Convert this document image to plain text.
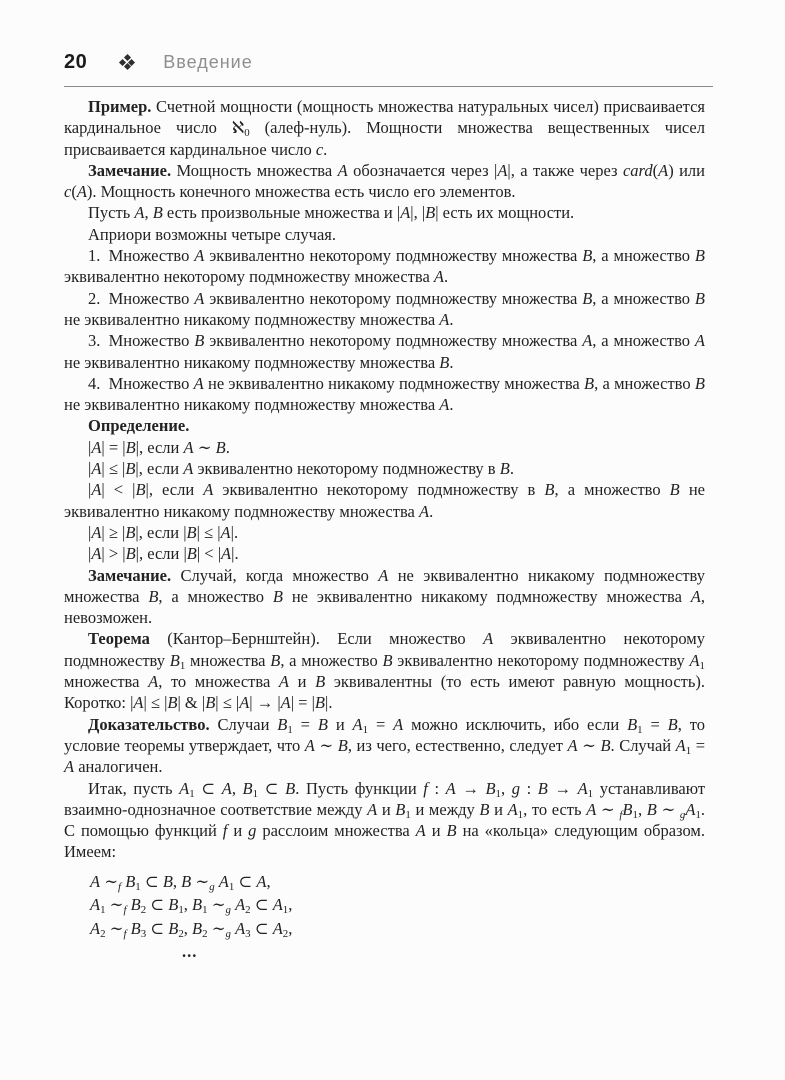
20	Введение

Пример. Счетной мощности (мощность множества натуральных чисел) присваивается кардинальное число ℵ0 (алеф-нуль). Мощности множества вещественных чисел присваивается кардинальное число c.

Замечание. Мощность множества A обозначается через |A|, а также через card(A) или c(A). Мощность конечного множества есть число его элементов.

Пусть A, B есть произвольные множества и |A|, |B| есть их мощности.

Априори возможны четыре случая.

1. Множество A эквивалентно некоторому подмножеству множества B, а множество B эквивалентно некоторому подмножеству множества A.

2. Множество A эквивалентно некоторому подмножеству множества B, а множество B не эквивалентно никакому подмножеству множества A.

3. Множество B эквивалентно некоторому подмножеству множества A, а множество A не эквивалентно никакому подмножеству множества B.

4. Множество A не эквивалентно никакому подмножеству множества B, а множество B не эквивалентно никакому подмножеству множества A.

Определение.

|A| = |B|, если A ∼ B.

|A| ≤ |B|, если A эквивалентно некоторому подмножеству в B.

|A| < |B|, если A эквивалентно некоторому подмножеству в B, а множество B не эквивалентно никакому подмножеству множества A.

|A| ≥ |B|, если |B| ≤ |A|.

|A| > |B|, если |B| < |A|.

Замечание. Случай, когда множество A не эквивалентно никакому подмножеству множества B, а множество B не эквивалентно никакому подмножеству множества A, невозможен.

Теорема (Кантор–Бернштейн). Если множество A эквивалентно некоторому подмножеству B1 множества B, а множество B эквивалентно некоторому подмножеству A1 множества A, то множества A и B эквивалентны (то есть имеют равную мощность). Коротко: |A| ≤ |B| & |B| ≤ |A| → |A| = |B|.

Доказательство. Случаи B1 = B и A1 = A можно исключить, ибо если B1 = B, то условие теоремы утверждает, что A ∼ B, из чего, естественно, следует A ∼ B. Случай A1 = A аналогичен.

Итак, пусть A1 ⊂ A, B1 ⊂ B. Пусть функции f : A → B1, g : B → A1 устанавливают взаимно-однозначное соответствие между A и B1 и между B и A1, то есть A ∼ fB1, B ∼ gA1. С помощью функций f и g расслоим множества A и B на «кольца» следующим образом. Имеем:

A ∼f B1 ⊂ B, B ∼g A1 ⊂ A,
A1 ∼f B2 ⊂ B1, B1 ∼g A2 ⊂ A1,
A2 ∼f B3 ⊂ B2, B2 ∼g A3 ⊂ A2,
...
